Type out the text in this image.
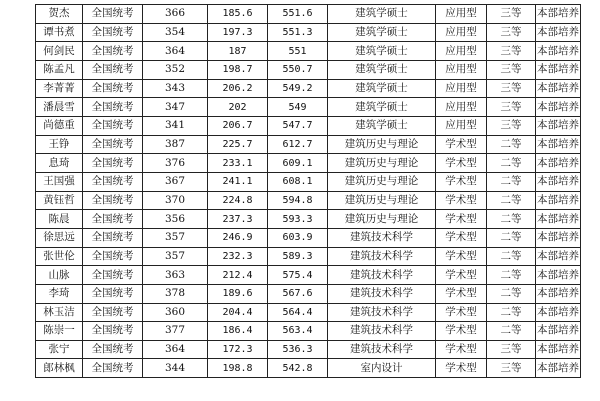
贺杰	全国统考	366	185.6	551.6	建筑学硕士	应用型	三等	本部培养
谭书煮	全国统考	354	197.3	551.3	建筑学硕士	应用型	三等	本部培养
何剑民	全国统考	364	187	551	建筑学硕士	应用型	三等	本部培养
陈孟凡	全国统考	352	198.7	550.7	建筑学硕士	应用型	三等	本部培养
李菁菁	全国统考	343	206.2	549.2	建筑学硕士	应用型	三等	本部培养
潘晨雪	全国统考	347	202	549	建筑学硕士	应用型	三等	本部培养
尚德重	全国统考	341	206.7	547.7	建筑学硕士	应用型	三等	本部培养
王铮	全国统考	387	225.7	612.7	建筑历史与理论	学术型	二等	本部培养
息琦	全国统考	376	233.1	609.1	建筑历史与理论	学术型	二等	本部培养
王国强	全国统考	367	241.1	608.1	建筑历史与理论	学术型	二等	本部培养
黄钰哲	全国统考	370	224.8	594.8	建筑历史与理论	学术型	二等	本部培养
陈晨	全国统考	356	237.3	593.3	建筑历史与理论	学术型	二等	本部培养
徐思远	全国统考	357	246.9	603.9	建筑技术科学	学术型	二等	本部培养
张世伦	全国统考	357	232.3	589.3	建筑技术科学	学术型	二等	本部培养
山脉	全国统考	363	212.4	575.4	建筑技术科学	学术型	二等	本部培养
李琦	全国统考	378	189.6	567.6	建筑技术科学	学术型	二等	本部培养
林玉洁	全国统考	360	204.4	564.4	建筑技术科学	学术型	二等	本部培养
陈崇一	全国统考	377	186.4	563.4	建筑技术科学	学术型	二等	本部培养
张宁	全国统考	364	172.3	536.3	建筑技术科学	学术型	三等	本部培养
郎林枫	全国统考	344	198.8	542.8	室内设计	学术型	三等	本部培养
